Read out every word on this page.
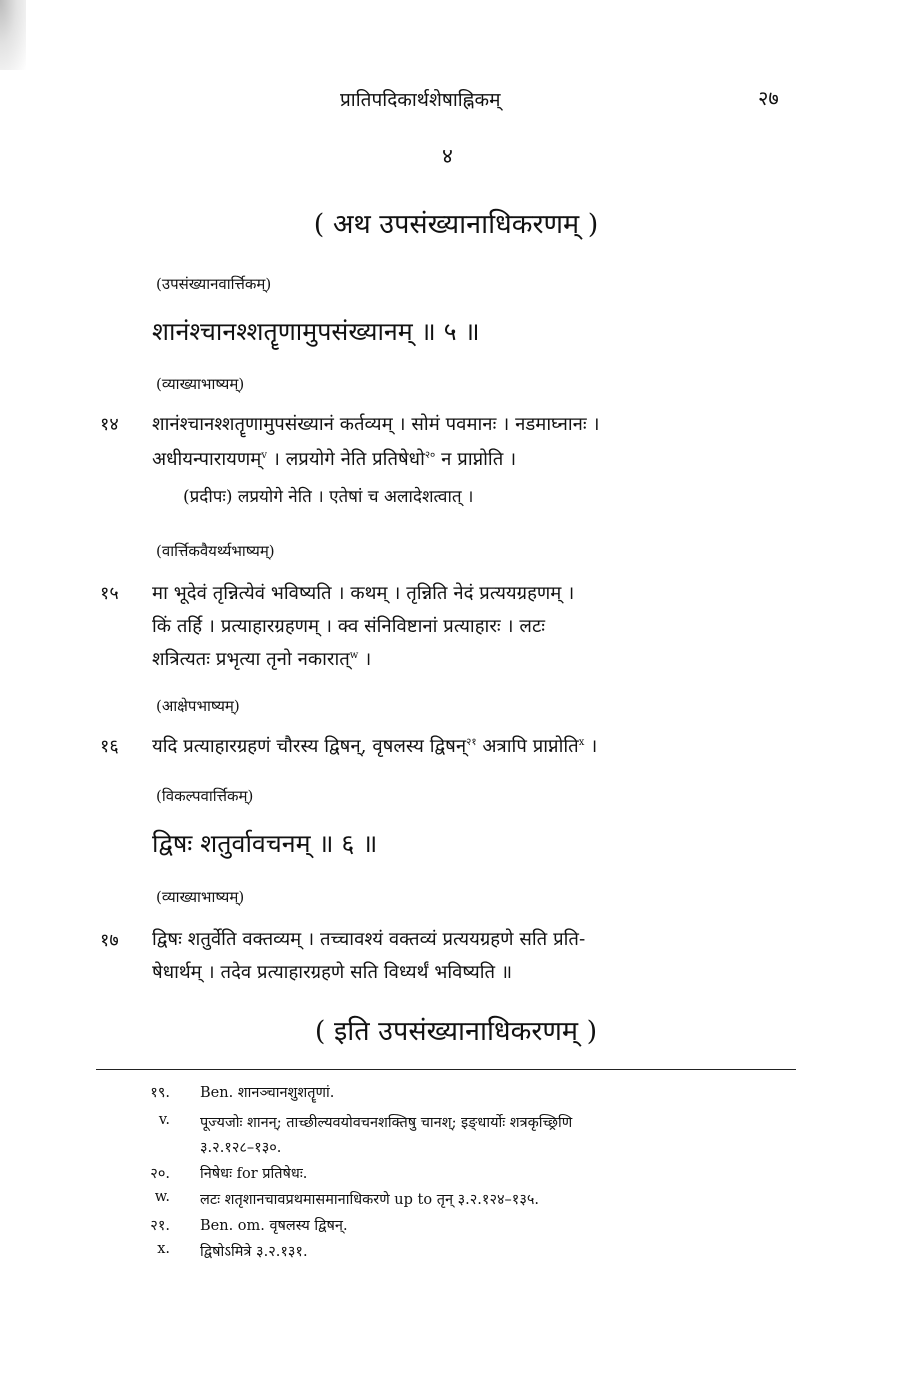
प्रातिपदिकार्थशेषाह्निकम्	२७
४
( अथ उपसंख्यानाधिकरणम् )
(उपसंख्यानवार्त्तिकम्)
शानंश्चानश्शतॄणामुपसंख्यानम् ॥ ५ ॥
(व्याख्याभाष्यम्)
१४ शानंश्चानश्शतॄणामुपसंख्यानं कर्तव्यम् । सोमं पवमानः । नडमाघ्नानः ।
अधीयन्पारायणम्$^v$ । लप्रयोगे नेति प्रतिषेधो$^{२०}$ न प्राप्नोति ।
(प्रदीपः) लप्रयोगे नेति । एतेषां च अलादेशत्वात् ।
(वार्त्तिकवैयर्थ्यभाष्यम्)
१५ मा भूदेवं तृन्नित्येवं भविष्यति । कथम् । तृन्निति नेदं प्रत्ययग्रहणम् ।
किं तर्हि । प्रत्याहारग्रहणम् । क्व संनिविष्टानां प्रत्याहारः । लटः
शत्रित्यतः प्रभृत्या तृनो नकारात्$^w$ ।
(आक्षेपभाष्यम्)
१६ यदि प्रत्याहारग्रहणं चौरस्य द्विषन्, वृषलस्य द्विषन्$^{२१}$ अत्रापि प्राप्नोति$^x$ ।
(विकल्पवार्त्तिकम्)
द्विषः शतुर्वावचनम् ॥ ६ ॥
(व्याख्याभाष्यम्)
१७ द्विषः शतुर्वेति वक्तव्यम् । तच्चावश्यं वक्तव्यं प्रत्ययग्रहणे सति प्रति-
षेधार्थम् । तदेव प्रत्याहारग्रहणे सति विध्यर्थं भविष्यति ॥
( इति उपसंख्यानाधिकरणम् )
१९. Ben. शानञ्चानशुशतॄणां.
v. पूज्यजोः शानन्; ताच्छील्यवयोवचनशक्तिषु चानश्; इङ्धार्योः शत्रकृच्छ्रिणि
३.२.१२८–१३०.
२०. निषेधः for प्रतिषेधः.
w. लटः शतृशानचावप्रथमासमानाधिकरणे up to तृन् ३.२.१२४–१३५.
२१. Ben. om. वृषलस्य द्विषन्.
x. द्विषोऽमित्रे ३.२.१३१.
